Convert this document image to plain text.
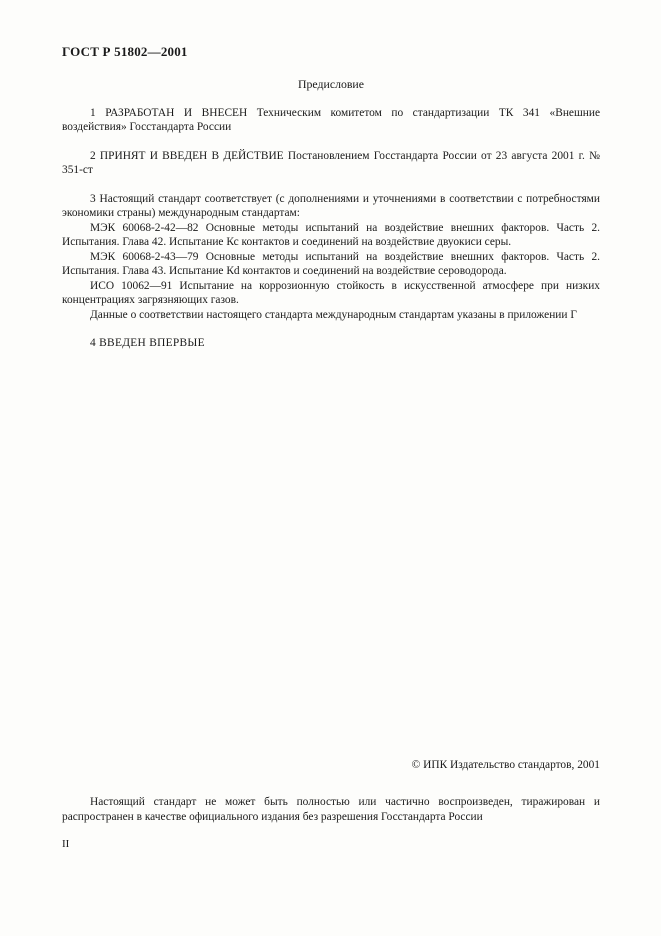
ГОСТ Р 51802—2001
Предисловие

1 РАЗРАБОТАН И ВНЕСЕН Техническим комитетом по стандартизации ТК 341 «Внешние воздействия» Госстандарта России

2 ПРИНЯТ И ВВЕДЕН В ДЕЙСТВИЕ Постановлением Госстандарта России от 23 августа 2001 г. № 351-ст

3 Настоящий стандарт соответствует (с дополнениями и уточнениями в соответствии с потребностями экономики страны) международным стандартам:

МЭК 60068-2-42—82 Основные методы испытаний на воздействие внешних факторов. Часть 2. Испытания. Глава 42. Испытание Кс контактов и соединений на воздействие двуокиси серы.

МЭК 60068-2-43—79 Основные методы испытаний на воздействие внешних факторов. Часть 2. Испытания. Глава 43. Испытание Кd контактов и соединений на воздействие сероводорода.

ИСО 10062—91 Испытание на коррозионную стойкость в искусственной атмосфере при низких концентрациях загрязняющих газов.

Данные о соответствии настоящего стандарта международным стандартам указаны в приложении Г

4 ВВЕДЕН ВПЕРВЫЕ

© ИПК Издательство стандартов, 2001
Настоящий стандарт не может быть полностью или частично воспроизведен, тиражирован и распространен в качестве официального издания без разрешения Госстандарта России
II
